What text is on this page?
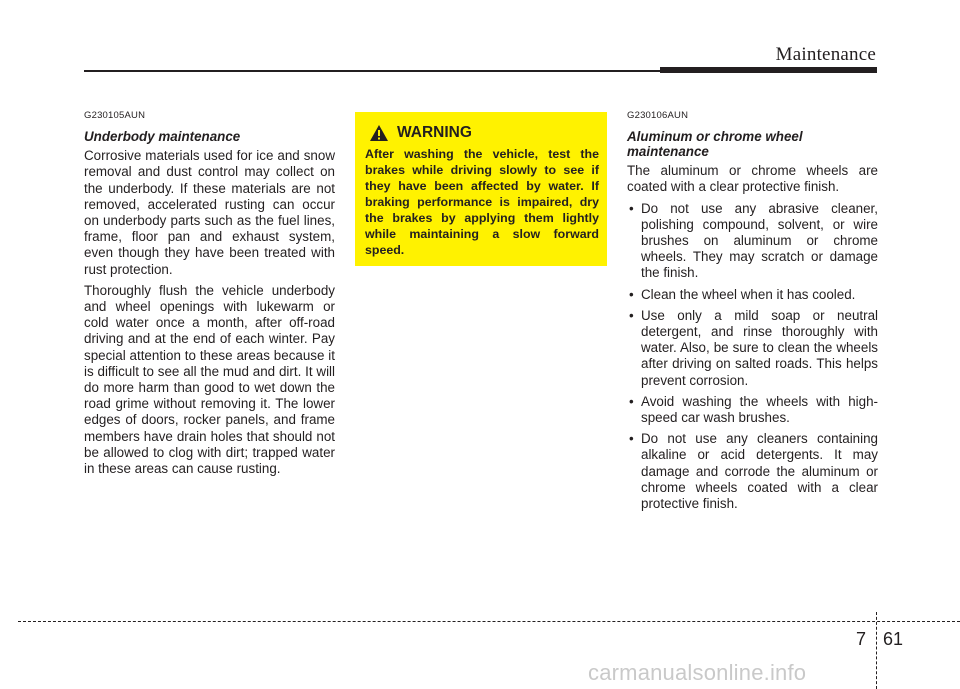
Maintenance
G230105AUN
Underbody maintenance

Corrosive materials used for ice and snow removal and dust control may collect on the underbody. If these materials are not removed, accelerated rusting can occur on underbody parts such as the fuel lines, frame, floor pan and exhaust system, even though they have been treated with rust protection.

Thoroughly flush the vehicle underbody and wheel openings with lukewarm or cold water once a month, after off-road driving and at the end of each winter. Pay special attention to these areas because it is difficult to see all the mud and dirt. It will do more harm than good to wet down the road grime without removing it. The lower edges of doors, rocker panels, and frame members have drain holes that should not be allowed to clog with dirt; trapped water in these areas can cause rusting.

WARNING

After washing the vehicle, test the brakes while driving slowly to see if they have been affected by water. If braking performance is impaired, dry the brakes by applying them lightly while maintaining a slow forward speed.

G230106AUN
Aluminum or chrome wheel maintenance

The aluminum or chrome wheels are coated with a clear protective finish.

• Do not use any abrasive cleaner, polishing compound, solvent, or wire brushes on aluminum or chrome wheels. They may scratch or damage the finish.
• Clean the wheel when it has cooled.
• Use only a mild soap or neutral detergent, and rinse thoroughly with water. Also, be sure to clean the wheels after driving on salted roads. This helps prevent corrosion.
• Avoid washing the wheels with high-speed car wash brushes.
• Do not use any cleaners containing alkaline or acid detergents. It may damage and corrode the aluminum or chrome wheels coated with a clear protective finish.
7 61
carmanualsonline.info
